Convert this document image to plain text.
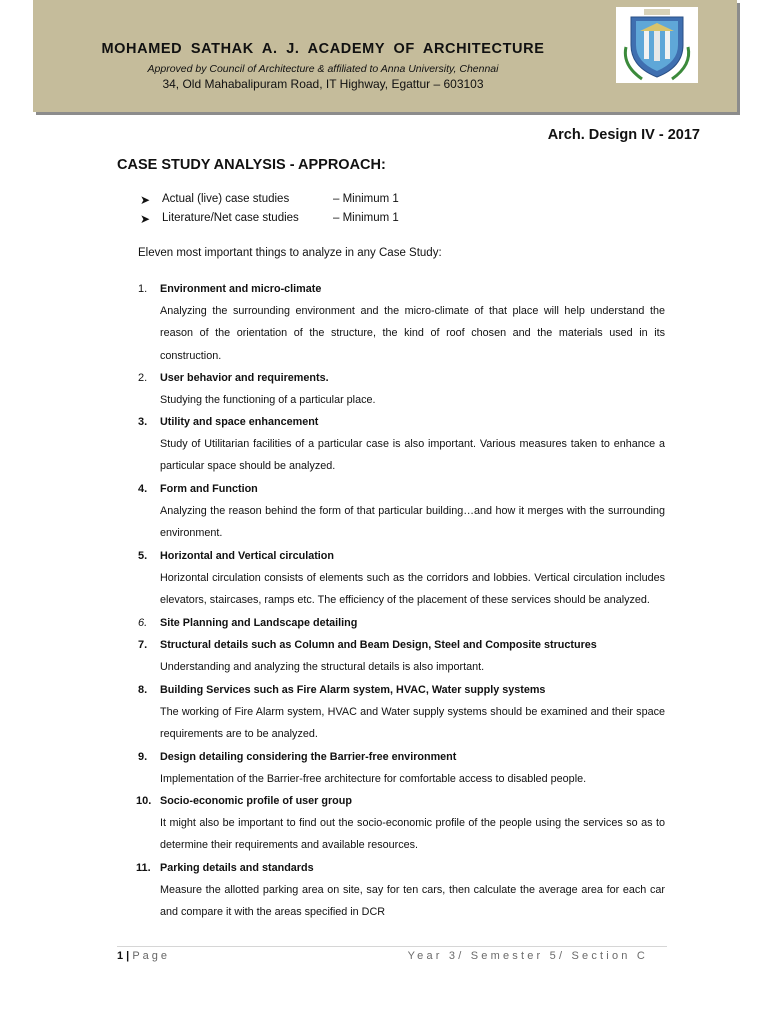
MOHAMED SATHAK A. J. ACADEMY OF ARCHITECTURE
Approved by Council of Architecture & affiliated to Anna University, Chennai
34, Old Mahabalipuram Road, IT Highway, Egattur – 603103
Arch. Design IV - 2017
CASE STUDY ANALYSIS - APPROACH:
➤ Actual (live) case studies	– Minimum 1
➤ Literature/Net case studies	– Minimum 1
Eleven most important things to analyze in any Case Study:
1.	Environment and micro-climate
Analyzing the surrounding environment and the micro-climate of that place will help understand the reason of the orientation of the structure, the kind of roof chosen and the materials used in its construction.
2.	User behavior and requirements.
Studying the functioning of a particular place.
3.	Utility and space enhancement
Study of Utilitarian facilities of a particular case is also important. Various measures taken to enhance a particular space should be analyzed.
4.	Form and Function
Analyzing the reason behind the form of that particular building…and how it merges with the surrounding environment.
5.	Horizontal and Vertical circulation
Horizontal circulation consists of elements such as the corridors and lobbies. Vertical circulation includes elevators, staircases, ramps etc. The efficiency of the placement of these services should be analyzed.
6.	Site Planning and Landscape detailing
7.	Structural details such as Column and Beam Design, Steel and Composite structures
Understanding and analyzing the structural details is also important.
8.	Building Services such as Fire Alarm system, HVAC, Water supply systems
The working of Fire Alarm system, HVAC and Water supply systems should be examined and their space requirements are to be analyzed.
9.	Design detailing considering the Barrier-free environment
Implementation of the Barrier-free architecture for comfortable access to disabled people.
10. Socio-economic profile of user group
It might also be important to find out the socio-economic profile of the people using the services so as to determine their requirements and available resources.
11. Parking details and standards
Measure the allotted parking area on site, say for ten cars, then calculate the average area for each car and compare it with the areas specified in DCR
1 | Page	Year 3/ Semester 5/ Section C
